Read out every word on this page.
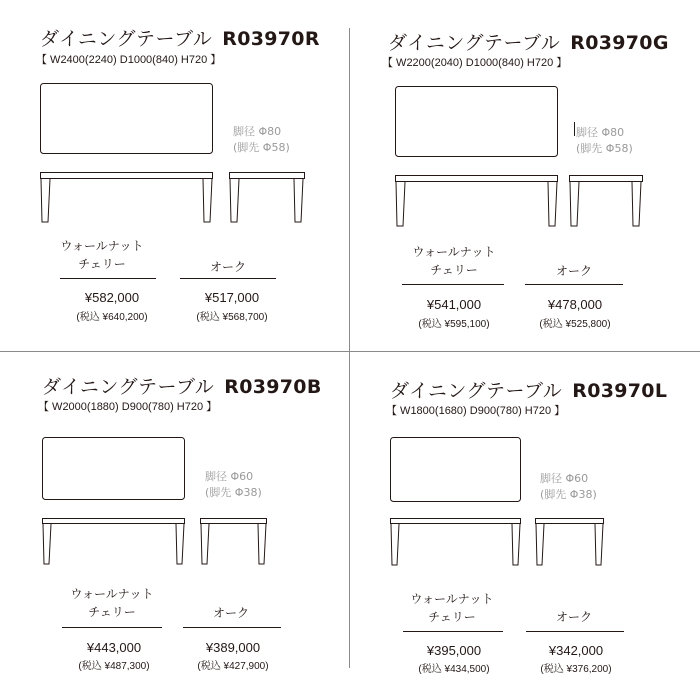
ダイニングテーブル R03970R
【 W2400(2240) D1000(840) H720 】
脚径 Φ80
(脚先 Φ58)
ウォールナット
チェリー	オーク
¥582,000
(税込 ¥640,200)
¥517,000
(税込 ¥568,700)
ダイニングテーブル R03970G
【 W2200(2040) D1000(840) H720 】
脚径 Φ80
(脚先 Φ58)
ウォールナット
チェリー	オーク
¥541,000
(税込 ¥595,100)
¥478,000
(税込 ¥525,800)
ダイニングテーブル R03970B
【 W2000(1880) D900(780) H720 】
脚径 Φ60
(脚先 Φ38)
ウォールナット
チェリー	オーク
¥443,000
(税込 ¥487,300)
¥389,000
(税込 ¥427,900)
ダイニングテーブル R03970L
【 W1800(1680) D900(780) H720 】
脚径 Φ60
(脚先 Φ38)
ウォールナット
チェリー	オーク
¥395,000
(税込 ¥434,500)
¥342,000
(税込 ¥376,200)
